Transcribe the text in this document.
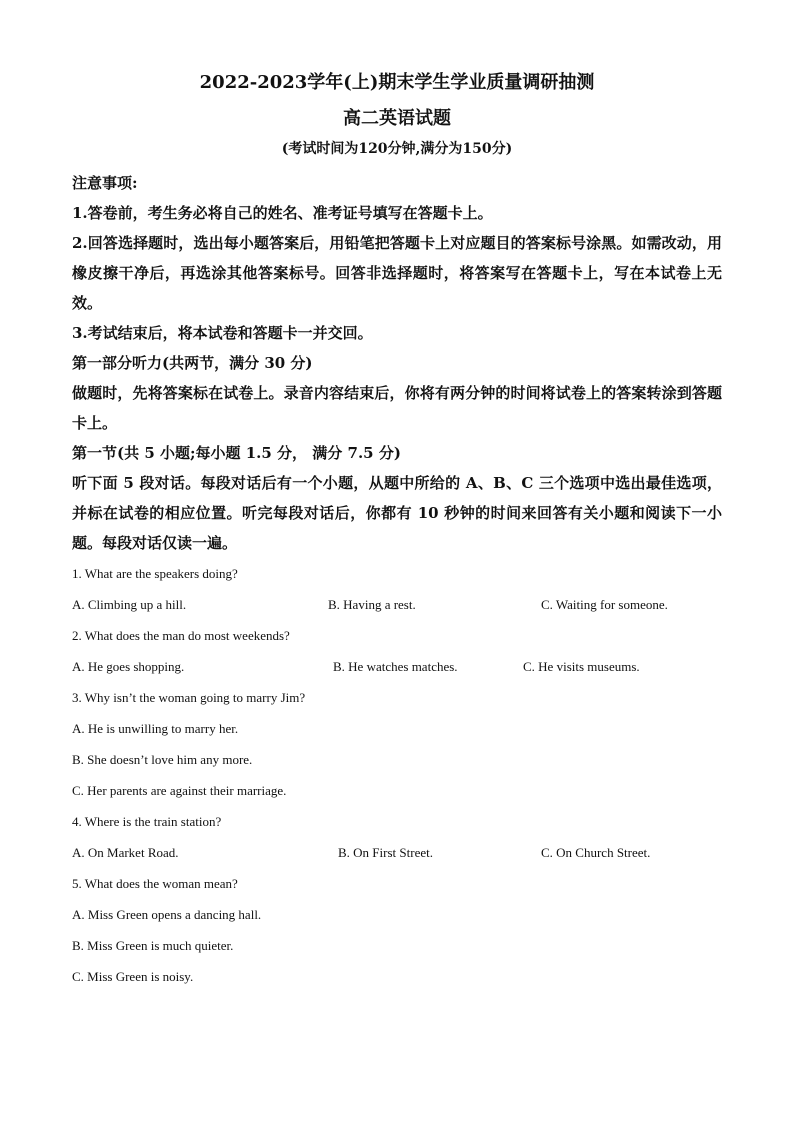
2022-2023学年(上)期末学生学业质量调研抽测
高二英语试题
(考试时间为120分钟,满分为150分)
注意事项:
1.答卷前，考生务必将自己的姓名、准考证号填写在答题卡上。
2.回答选择题时，选出每小题答案后，用铅笔把答题卡上对应题目的答案标号涂黑。如需改动，用橡皮擦干净后，再选涂其他答案标号。回答非选择题时，将答案写在答题卡上，写在本试卷上无效。
3.考试结束后，将本试卷和答题卡一并交回。
第一部分听力(共两节，满分 30 分)
做题时，先将答案标在试卷上。录音内容结束后，你将有两分钟的时间将试卷上的答案转涂到答题卡上。
第一节(共 5 小题;每小题 1.5 分， 满分 7.5 分)
听下面 5 段对话。每段对话后有一个小题，从题中所给的 A、B、C 三个选项中选出最佳选项，并标在试卷的相应位置。听完每段对话后，你都有 10 秒钟的时间来回答有关小题和阅读下一小题。每段对话仅读一遍。
1. What are the speakers doing?
A. Climbing up a hill.	B. Having a rest.	C. Waiting for someone.
2. What does the man do most weekends?
A. He goes shopping.	B. He watches matches.	C. He visits museums.
3. Why isn’t the woman going to marry Jim?
A. He is unwilling to marry her.
B. She doesn’t love him any more.
C. Her parents are against their marriage.
4. Where is the train station?
A. On Market Road.	B. On First Street.	C. On Church Street.
5. What does the woman mean?
A. Miss Green opens a dancing hall.
B. Miss Green is much quieter.
C. Miss Green is noisy.
